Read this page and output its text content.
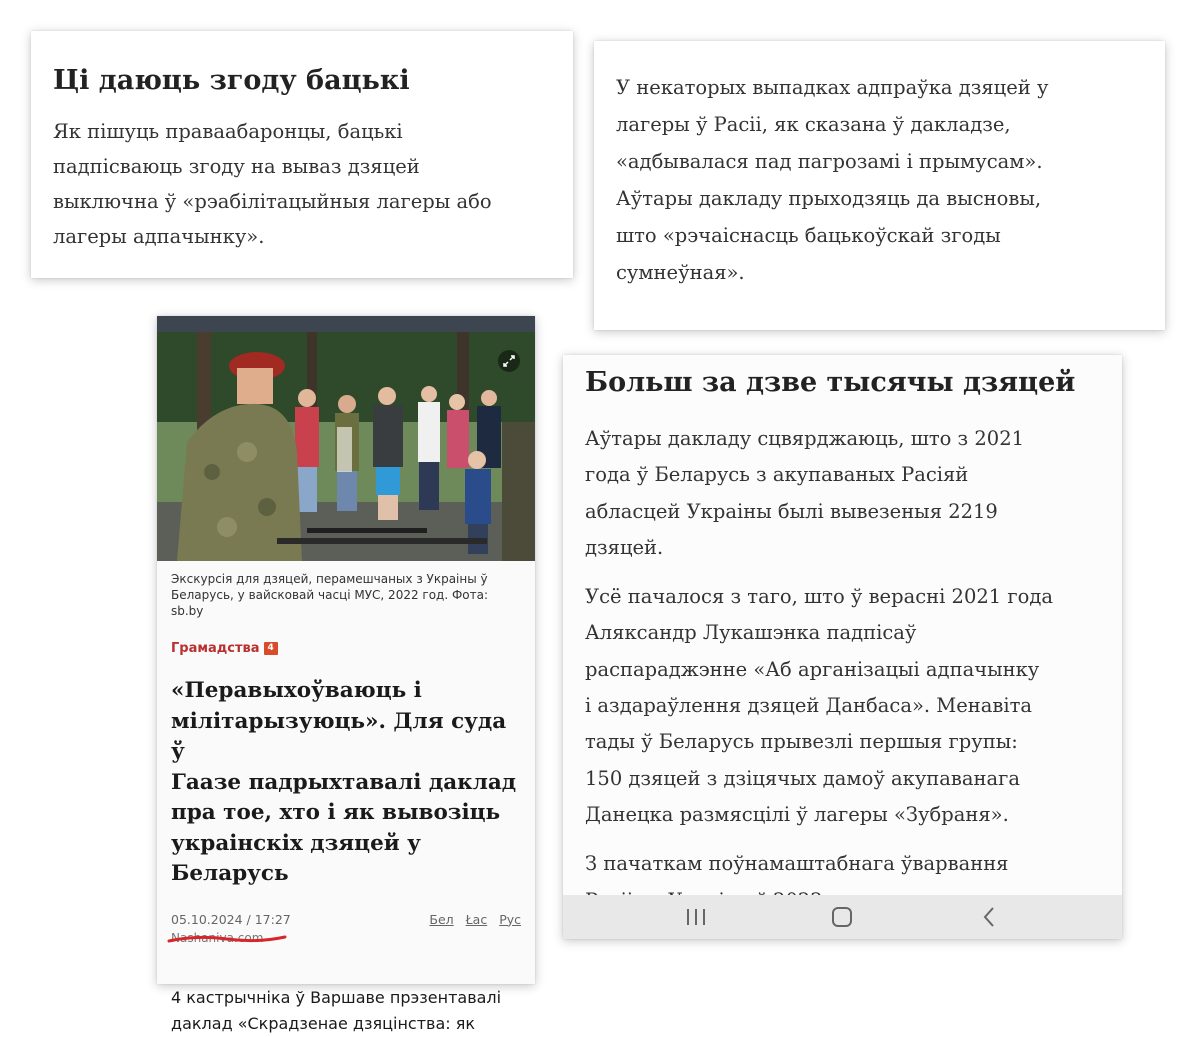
Ці даюць згоду бацькі

Як пішуць праваабаронцы, бацькі
падпісваюць згоду на вываз дзяцей
выключна ў «рэабілітацыйныя лагеры або
лагеры адпачынку».

У некаторых выпадках адпраўка дзяцей у
лагеры ў Расіі, як сказана ў дакладзе,
«адбывалася пад пагрозамі і прымусам».
Аўтары дакладу прыходзяць да высновы,
што «рэчаіснасць бацькоўскай згоды
сумнеўная».

Экскурсія для дзяцей, перамешчаных з Украіны ў
Беларусь, у вайсковай часці МУС, 2022 год. Фота: sb.by
Грамадства 4
«Перавыхоўваюць і
мілітарызуюць». Для суда ў
Гаазе падрыхтавалі даклад
пра тое, хто і як вывозіць
украінскіх дзяцей у
Беларусь
05.10.2024 / 17:27	Бел Łac Рус
Nashaniva.com
4 кастрычніка ў Варшаве прэзентавалі
даклад «Скрадзенае дзяцінства: як
Больш за дзве тысячы дзяцей

Аўтары дакладу сцвярджаюць, што з 2021
года ў Беларусь з акупаваных Расіяй
абласцей Украіны былі вывезеныя 2219
дзяцей.

Усё пачалося з таго, што ў верасні 2021 года
Аляксандр Лукашэнка падпісаў
распараджэнне «Аб арганізацыі адпачынку
і аздараўлення дзяцей Данбаса». Менавіта
тады ў Беларусь прывезлі першыя групы:
150 дзяцей з дзіцячых дамоў акупаванага
Данецка размясцілі ў лагеры «Зубраня».

З пачаткам поўнамаштабнага ўварвання
